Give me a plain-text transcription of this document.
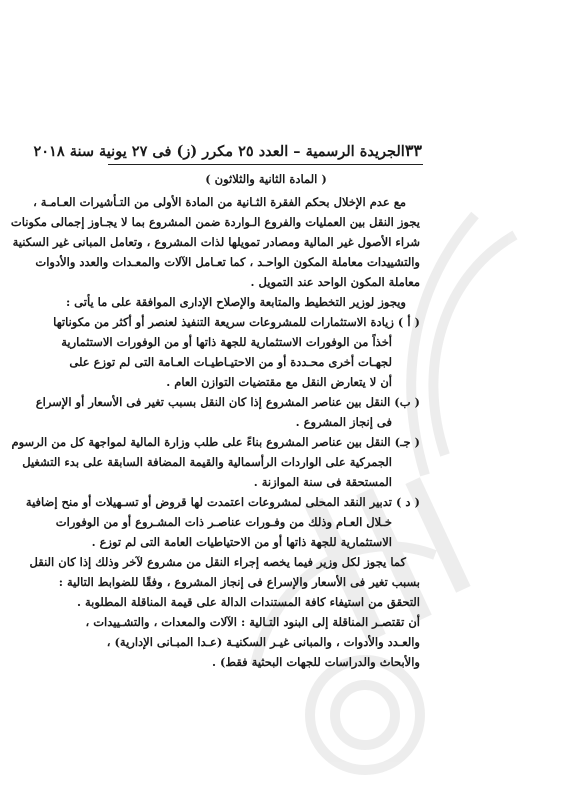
٣٣
الجريدة الرسمية – العدد ٢٥ مكرر (ز) فى ٢٧ يونية سنة ٢٠١٨
( المادة الثانية والثلاثون )
مع عدم الإخلال بحكم الفقرة الثـانية من المادة الأولى من التـأشيرات العـامـة ،
يجوز النقل بين العمليات والفروع الـواردة ضمن المشروع بما لا يجـاوز إجمالى مكونات
شراء الأصول غير المالية ومصادر تمويلها لذات المشروع ، وتعامل المبانى غير السكنية
والتشييدات معاملة المكون الواحـد ، كما تعـامل الآلات والمعـدات والعدد والأدوات
معاملة المكون الواحد عند التمويل .
ويجوز لوزير التخطيط والمتابعة والإصلاح الإدارى الموافقة على ما يأتى :
( أ ) زيادة الاستثمارات للمشروعات سريعة التنفيذ لعنصر أو أكثر من مكوناتها
أخذاً من الوفورات الاستثمارية للجهة ذاتها أو من الوفورات الاستثمارية
لجهـات أخرى محـددة أو من الاحتيـاطيـات العـامة التى لم توزع على
أن لا يتعارض النقل مع مقتضيات التوازن العام .
( ب) النقل بين عناصر المشروع إذا كان النقل بسبب تغير فى الأسعار أو الإسراع
فى إنجاز المشروع .
( جـ) النقل بين عناصر المشروع بناءً على طلب وزارة المالية لمواجهة كل من الرسوم
الجمركية على الواردات الرأسمالية والقيمة المضافة السابقة على بدء التشغيل
المستحقة فى سنة الموازنة .
( د ) تدبير النقد المحلى لمشروعات اعتمدت لها قروض أو تسـهيلات أو منح إضافية
خـلال العـام وذلك من وفـورات عناصـر ذات المشـروع أو من الوفورات
الاستثمارية للجهة ذاتها أو من الاحتياطيات العامة التى لم توزع .
كما يجوز لكل وزير فيما يخصه إجراء النقل من مشروع لآخر وذلك إذا كان النقل
بسبب تغير فى الأسعار والإسراع فى إنجاز المشروع ، وفقًا للضوابط التالية :
التحقق من استيفاء كافة المستندات الدالة على قيمة المناقلة المطلوبة .
أن تقتصـر المناقلة إلى البنود التـالية : الآلات والمعدات ، والتشـييدات ،
والعـدد والأدوات ، والمبانى غيـر السكنيـة (عـدا المبـانى الإدارية) ،
والأبحاث والدراسات للجهات البحثية فقط) .
